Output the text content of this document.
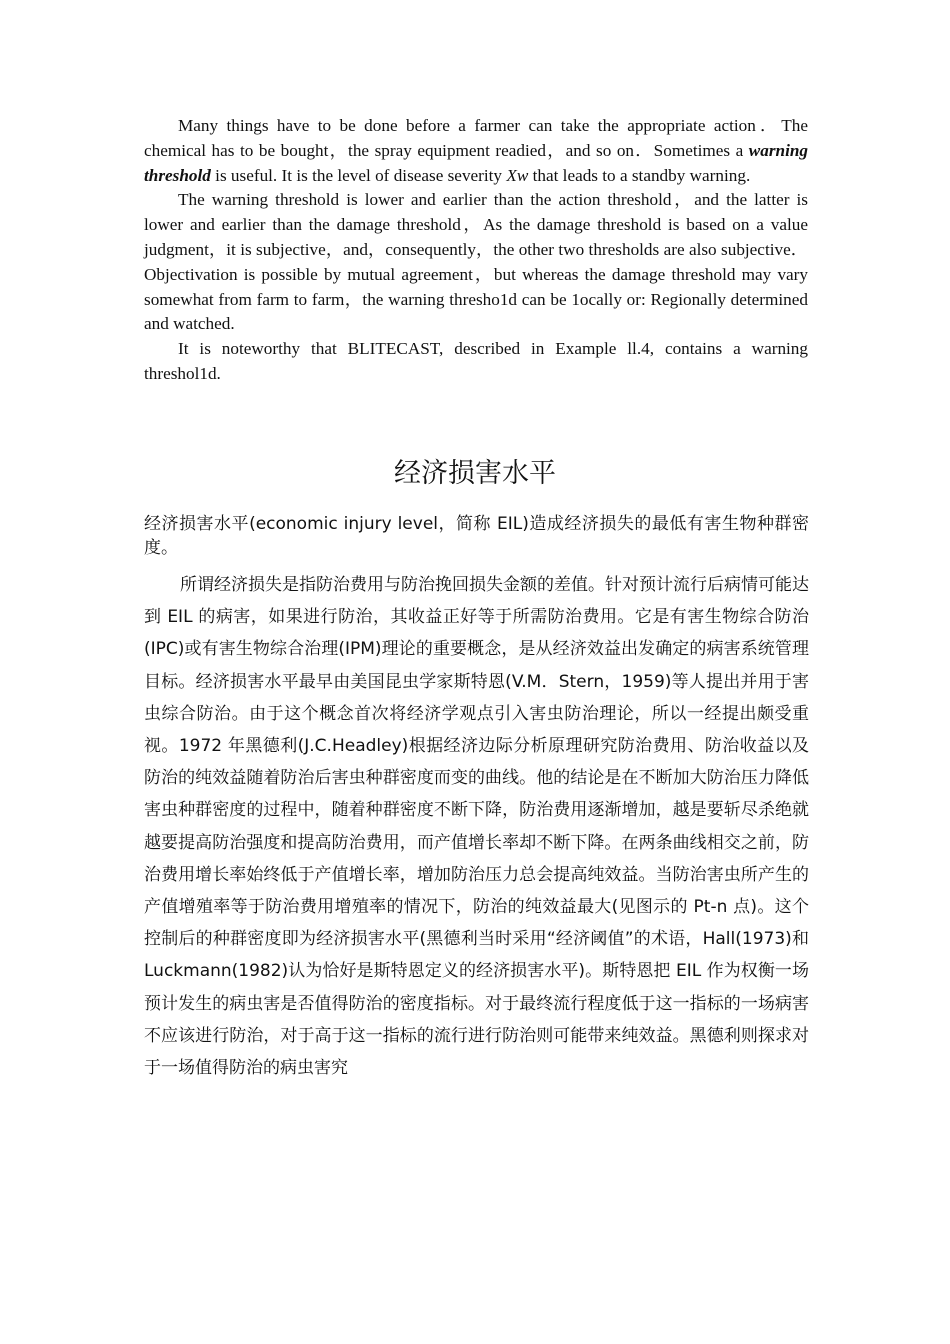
Many things have to be done before a farmer can take the appropriate action．The chemical has to be bought，the spray equipment readied，and so on．Sometimes a warning threshold is useful. It is the level of disease severity Xw that leads to a standby warning.

The warning threshold is lower and earlier than the action threshold，and the latter is lower and earlier than the damage threshold，As the damage threshold is based on a value judgment，it is subjective，and，consequently，the other two thresholds are also subjective．Objectivation is possible by mutual agreement，but whereas the damage threshold may vary somewhat from farm to farm，the warning thresho1d can be 1ocally or: Regionally determined and watched.

It is noteworthy that BLITECAST, described in Example ll.4, contains a warning threshol1d.

经济损害水平

经济损害水平(economic injury level，简称 EIL)造成经济损失的最低有害生物种群密度。

所谓经济损失是指防治费用与防治挽回损失金额的差值。针对预计流行后病情可能达到 EIL 的病害，如果进行防治，其收益正好等于所需防治费用。它是有害生物综合防治(IPC)或有害生物综合治理(IPM)理论的重要概念，是从经济效益出发确定的病害系统管理目标。经济损害水平最早由美国昆虫学家斯特恩(V.M．Stern，1959)等人提出并用于害虫综合防治。由于这个概念首次将经济学观点引入害虫防治理论，所以一经提出颇受重视。1972 年黑德利(J.C.Headley)根据经济边际分析原理研究防治费用、防治收益以及防治的纯效益随着防治后害虫种群密度而变的曲线。他的结论是在不断加大防治压力降低害虫种群密度的过程中，随着种群密度不断下降，防治费用逐渐增加，越是要斩尽杀绝就越要提高防治强度和提高防治费用，而产值增长率却不断下降。在两条曲线相交之前，防治费用增长率始终低于产值增长率，增加防治压力总会提高纯效益。当防治害虫所产生的产值增殖率等于防治费用增殖率的情况下，防治的纯效益最大(见图示的 Pt-n 点)。这个控制后的种群密度即为经济损害水平(黑德利当时采用“经济阈值”的术语，Hall(1973)和 Luckmann(1982)认为恰好是斯特恩定义的经济损害水平)。斯特恩把 EIL 作为权衡一场预计发生的病虫害是否值得防治的密度指标。对于最终流行程度低于这一指标的一场病害不应该进行防治，对于高于这一指标的流行进行防治则可能带来纯效益。黑德利则探求对于一场值得防治的病虫害究
